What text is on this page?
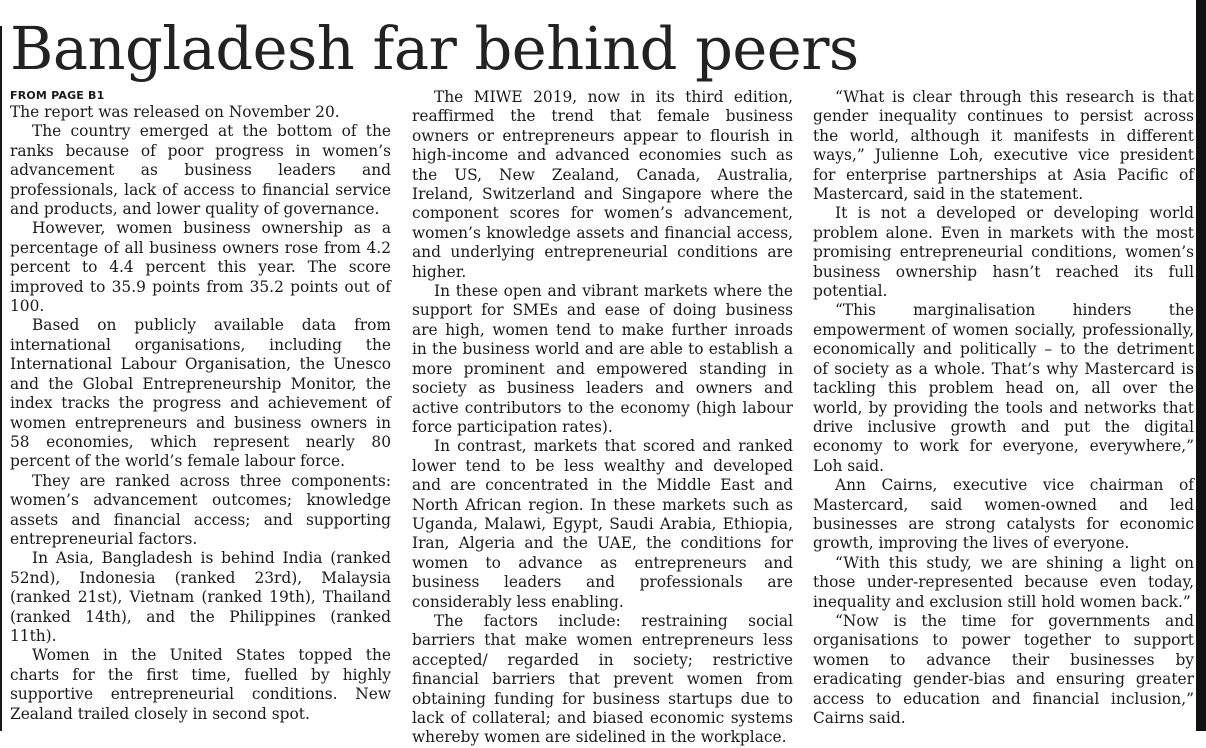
Bangladesh far behind peers
FROM PAGE B1

The report was released on November 20.

The country emerged at the bottom of the ranks because of poor progress in women’s advancement as business leaders and professionals, lack of access to financial service and products, and lower quality of governance.

However, women business ownership as a percentage of all business owners rose from 4.2 percent to 4.4 percent this year. The score improved to 35.9 points from 35.2 points out of 100.

Based on publicly available data from international organisations, including the International Labour Organisation, the Unesco and the Global Entrepreneurship Monitor, the index tracks the progress and achievement of women entrepreneurs and business owners in 58 economies, which represent nearly 80 percent of the world’s female labour force.

They are ranked across three components: women’s advancement outcomes; knowledge assets and financial access; and supporting entrepreneurial factors.

In Asia, Bangladesh is behind India (ranked 52nd), Indonesia (ranked 23rd), Malaysia (ranked 21st), Vietnam (ranked 19th), Thailand (ranked 14th), and the Philippines (ranked 11th).

Women in the United States topped the charts for the first time, fuelled by highly supportive entrepreneurial conditions. New Zealand trailed closely in second spot.

The MIWE 2019, now in its third edition, reaffirmed the trend that female business owners or entrepreneurs appear to flourish in high-income and advanced economies such as the US, New Zealand, Canada, Australia, Ireland, Switzerland and Singapore where the component scores for women’s advancement, women’s knowledge assets and financial access, and underlying entrepreneurial conditions are higher.

In these open and vibrant markets where the support for SMEs and ease of doing business are high, women tend to make further inroads in the business world and are able to establish a more prominent and empowered standing in society as business leaders and owners and active contributors to the economy (high labour force participation rates).

In contrast, markets that scored and ranked lower tend to be less wealthy and developed and are concentrated in the Middle East and North African region. In these markets such as Uganda, Malawi, Egypt, Saudi Arabia, Ethiopia, Iran, Algeria and the UAE, the conditions for women to advance as entrepreneurs and business leaders and professionals are considerably less enabling.

The factors include: restraining social barriers that make women entrepreneurs less accepted/ regarded in society; restrictive financial barriers that prevent women from obtaining funding for business startups due to lack of collateral; and biased economic systems whereby women are sidelined in the workplace.

“What is clear through this research is that gender inequality continues to persist across the world, although it manifests in different ways,” Julienne Loh, executive vice president for enterprise partnerships at Asia Pacific of Mastercard, said in the statement.

It is not a developed or developing world problem alone. Even in markets with the most promising entrepreneurial conditions, women’s business ownership hasn’t reached its full potential.

“This marginalisation hinders the empowerment of women socially, professionally, economically and politically – to the detriment of society as a whole. That’s why Mastercard is tackling this problem head on, all over the world, by providing the tools and networks that drive inclusive growth and put the digital economy to work for everyone, everywhere,” Loh said.

Ann Cairns, executive vice chairman of Mastercard, said women-owned and led businesses are strong catalysts for economic growth, improving the lives of everyone.

“With this study, we are shining a light on those under-represented because even today, inequality and exclusion still hold women back.”

“Now is the time for governments and organisations to power together to support women to advance their businesses by eradicating gender-bias and ensuring greater access to education and financial inclusion,” Cairns said.
